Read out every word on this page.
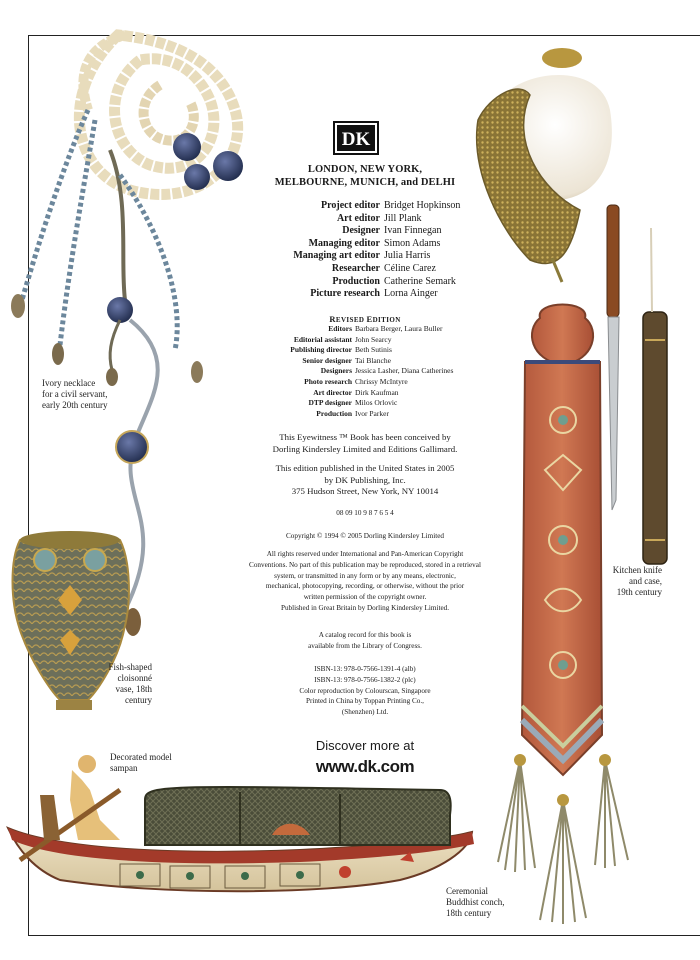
Ivory necklace
for a civil servant,
early 20th century
Fish-shaped
cloisonné
vase, 18th
century
Decorated model
sampan
Kitchen knife
and case,
19th century
Ceremonial
Buddhist conch,
18th century
DK
LONDON, NEW YORK,
MELBOURNE, MUNICH, and DELHI
Project editor Bridget Hopkinson
Art editor Jill Plank
Designer Ivan Finnegan
Managing editor Simon Adams
Managing art editor Julia Harris
Researcher Céline Carez
Production Catherine Semark
Picture research Lorna Ainger
REVISED EDITION
Editors Barbara Berger, Laura Buller
Editorial assistant John Searcy
Publishing director Beth Sutinis
Senior designer Tai Blanche
Designers Jessica Lasher, Diana Catherines
Photo research Chrissy McIntyre
Art director Dirk Kaufman
DTP designer Milos Orlovic
Production Ivor Parker
This Eyewitness ™ Book has been conceived by
Dorling Kindersley Limited and Editions Gallimard.
This edition published in the United States in 2005
by DK Publishing, Inc.
375 Hudson Street, New York, NY 10014
08 09 10 9 8 7 6 5 4
Copyright © 1994 © 2005 Dorling Kindersley Limited
All rights reserved under International and Pan-American Copyright
Conventions. No part of this publication may be reproduced, stored in a retrieval
system, or transmitted in any form or by any means, electronic,
mechanical, photocopying, recording, or otherwise, without the prior
written permission of the copyright owner.
Published in Great Britain by Dorling Kindersley Limited.
A catalog record for this book is
available from the Library of Congress.
ISBN-13: 978-0-7566-1391-4 (alb)
ISBN-13: 978-0-7566-1382-2 (plc)
Color reproduction by Colourscan, Singapore
Printed in China by Toppan Printing Co.,
(Shenzhen) Ltd.
Discover more at
www.dk.com
